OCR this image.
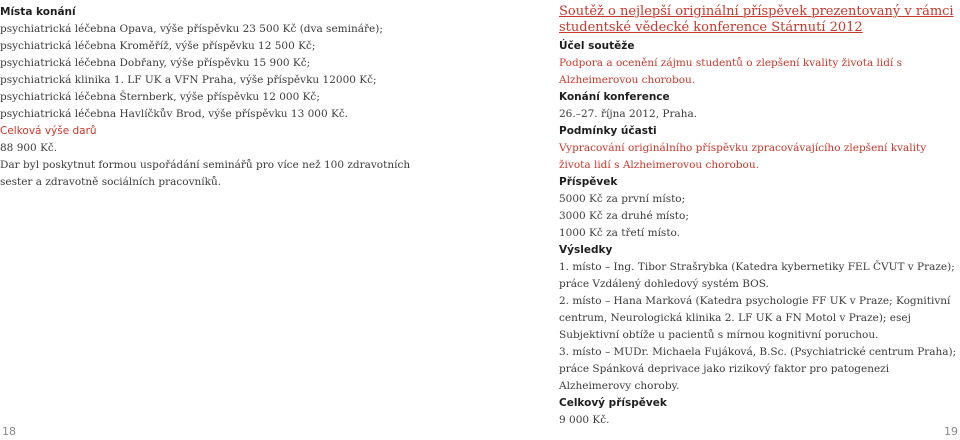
Místa konání

psychiatrická léčebna Opava, výše příspěvku 23 500 Kč (dva semináře);

psychiatrická léčebna Kroměříž, výše příspěvku 12 500 Kč;

psychiatrická léčebna Dobřany, výše příspěvku 15 900 Kč;

psychiatrická klinika 1. LF UK a VFN Praha, výše příspěvku 12000 Kč;

psychiatrická léčebna Šternberk, výše příspěvku 12 000 Kč;

psychiatrická léčebna Havlíčkův Brod, výše příspěvku 13 000 Kč.

Celková výše darů

88 900 Kč.

Dar byl poskytnut formou uspořádání seminářů pro více než 100 zdravotních sester a zdravotně sociálních pracovníků.

18

Soutěž o nejlepší originální příspěvek prezentovaný v rámci studentské vědecké konference Stárnutí 2012

Účel soutěže

Podpora a ocenění zájmu studentů o zlepšení kvality života lidí s Alzheimerovou chorobou.

Konání konference

26.–27. října 2012, Praha.

Podmínky účasti

Vypracování originálního příspěvku zpracovávajícího zlepšení kvality života lidí s Alzheimerovou chorobou.

Příspěvek

5000 Kč za první místo;

3000 Kč za druhé místo;

1000 Kč za třetí místo.

Výsledky

1. místo – Ing. Tibor Strašrybka (Katedra kybernetiky FEL ČVUT v Praze); práce Vzdálený dohledový systém BOS.

2. místo – Hana Marková (Katedra psychologie FF UK v Praze; Kognitivní centrum, Neurologická klinika 2. LF UK a FN Motol v Praze); esej Subjektivní obtíže u pacientů s mírnou kognitivní poruchou.

3. místo – MUDr. Michaela Fujáková, B.Sc. (Psychiatrické centrum Praha); práce Spánková deprivace jako rizikový faktor pro patogenezi Alzheimerovy choroby.

Celkový příspěvek

9 000 Kč.

19
